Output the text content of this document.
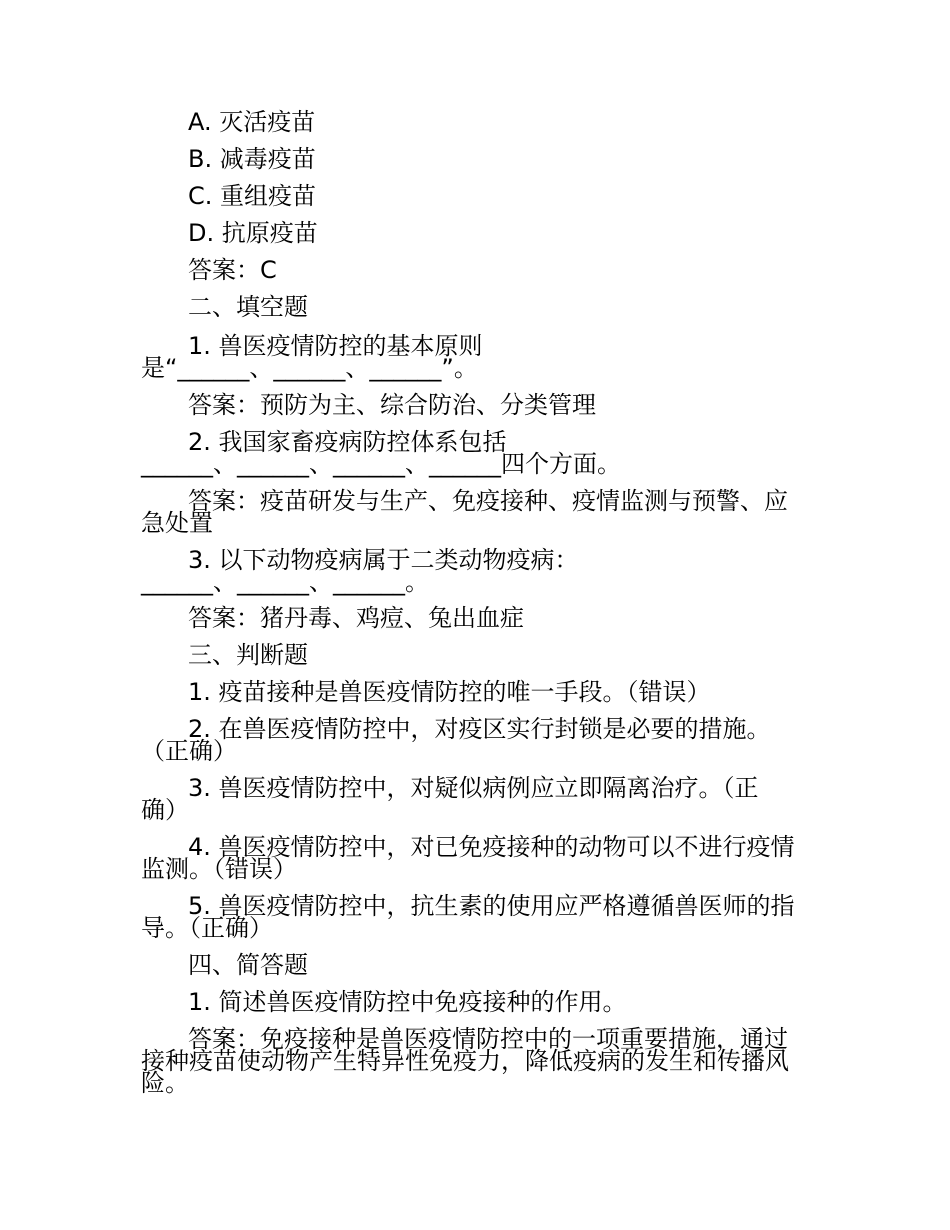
A. 灭活疫苗
B. 减毒疫苗
C. 重组疫苗
D. 抗原疫苗
答案：C
二、填空题
1. 兽医疫情防控的基本原则
是“______、______、______”。
答案：预防为主、综合防治、分类管理
2. 我国家畜疫病防控体系包括
______、______、______、______四个方面。
答案：疫苗研发与生产、免疫接种、疫情监测与预警、应
急处置
3. 以下动物疫病属于二类动物疫病：
______、______、______。
答案：猪丹毒、鸡痘、兔出血症
三、判断题
1. 疫苗接种是兽医疫情防控的唯一手段。（错误）
2. 在兽医疫情防控中，对疫区实行封锁是必要的措施。
（正确）
3. 兽医疫情防控中，对疑似病例应立即隔离治疗。（正
确）
4. 兽医疫情防控中，对已免疫接种的动物可以不进行疫情
监测。（错误）
5. 兽医疫情防控中，抗生素的使用应严格遵循兽医师的指
导。（正确）
四、简答题
1. 简述兽医疫情防控中免疫接种的作用。
答案：免疫接种是兽医疫情防控中的一项重要措施，通过
接种疫苗使动物产生特异性免疫力，降低疫病的发生和传播风
险。
